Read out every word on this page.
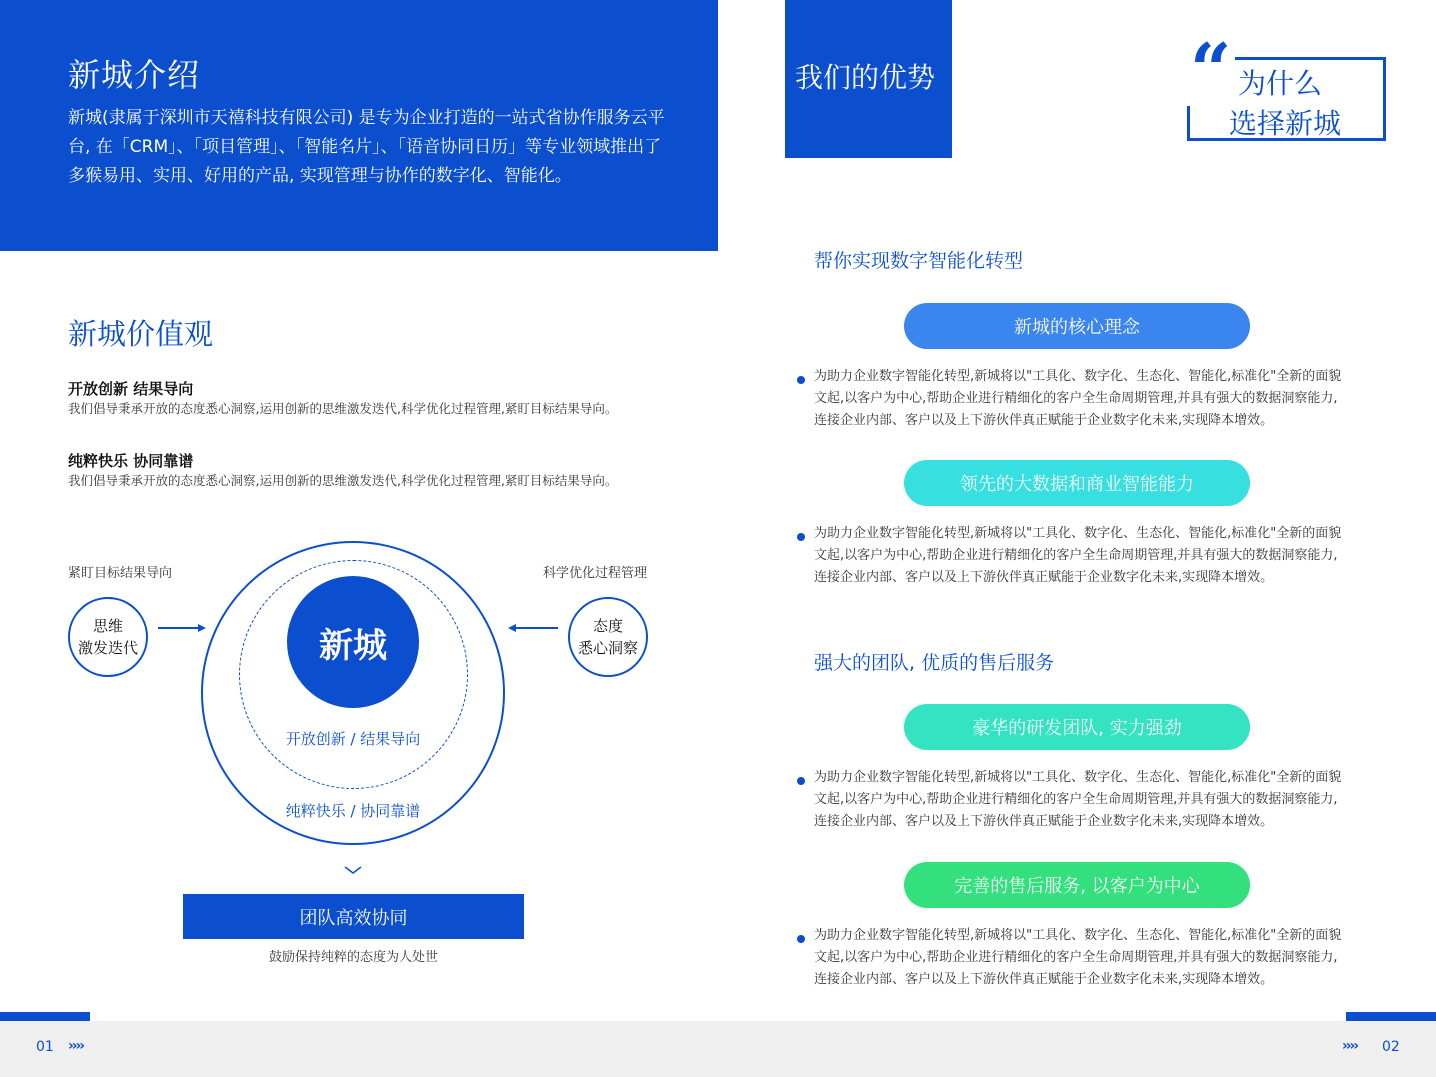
新城介绍
新城(隶属于深圳市天禧科技有限公司) 是专为企业打造的一站式省协作服务云平台, 在「CRM」、「项目管理」、「智能名片」、「语音协同日历」等专业领域推出了多猴易用、实用、好用的产品, 实现管理与协作的数字化、智能化。
新城价值观
开放创新 结果导向
我们倡导秉承开放的态度悉心洞察,运用创新的思维激发迭代,科学优化过程管理,紧盯目标结果导向。
纯粹快乐 协同靠谱
我们倡导秉承开放的态度悉心洞察,运用创新的思维激发迭代,科学优化过程管理,紧盯目标结果导向。
紧盯目标结果导向	科学优化过程管理
思维
激发迭代
态度
悉心洞察
新城
开放创新 / 结果导向
纯粹快乐 / 协同靠谱
团队高效协同
鼓励保持纯粹的态度为人处世
我们的优势	“ 为什么
选择新城
帮你实现数字智能化转型
新城的核心理念
为助力企业数字智能化转型,新城将以"工具化、数字化、生态化、智能化,标准化"全新的面貌文起,以客户为中心,帮助企业进行精细化的客户全生命周期管理,并具有强大的数据洞察能力,连接企业内部、客户以及上下游伙伴真正赋能于企业数字化未来,实现降本增效。
领先的大数据和商业智能能力
为助力企业数字智能化转型,新城将以"工具化、数字化、生态化、智能化,标准化"全新的面貌文起,以客户为中心,帮助企业进行精细化的客户全生命周期管理,并具有强大的数据洞察能力,连接企业内部、客户以及上下游伙伴真正赋能于企业数字化未来,实现降本增效。
强大的团队, 优质的售后服务
豪华的研发团队, 实力强劲
为助力企业数字智能化转型,新城将以"工具化、数字化、生态化、智能化,标准化"全新的面貌文起,以客户为中心,帮助企业进行精细化的客户全生命周期管理,并具有强大的数据洞察能力,连接企业内部、客户以及上下游伙伴真正赋能于企业数字化未来,实现降本增效。
完善的售后服务, 以客户为中心
为助力企业数字智能化转型,新城将以"工具化、数字化、生态化、智能化,标准化"全新的面貌文起,以客户为中心,帮助企业进行精细化的客户全生命周期管理,并具有强大的数据洞察能力,连接企业内部、客户以及上下游伙伴真正赋能于企业数字化未来,实现降本增效。
01 ››››	›››› 02
